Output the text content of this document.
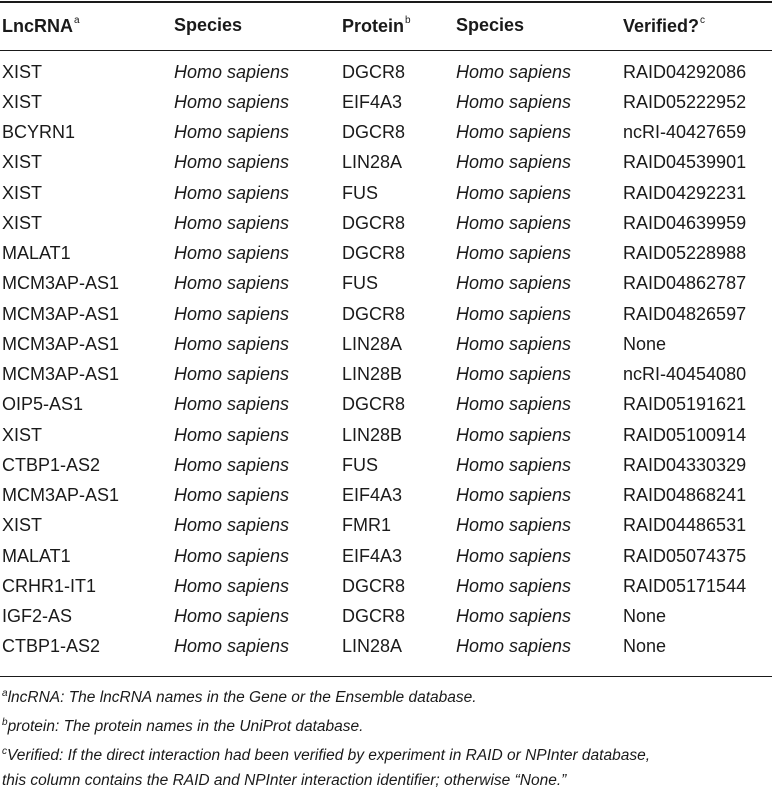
LncRNA$^a$	Species	Protein$^b$	Species	Verified?$^c$

XIST	Homo sapiens	DGCR8	Homo sapiens	RAID04292086
XIST	Homo sapiens	EIF4A3	Homo sapiens	RAID05222952
BCYRN1	Homo sapiens	DGCR8	Homo sapiens	ncRI-40427659
XIST	Homo sapiens	LIN28A	Homo sapiens	RAID04539901
XIST	Homo sapiens	FUS	Homo sapiens	RAID04292231
XIST	Homo sapiens	DGCR8	Homo sapiens	RAID04639959
MALAT1	Homo sapiens	DGCR8	Homo sapiens	RAID05228988
MCM3AP-AS1	Homo sapiens	FUS	Homo sapiens	RAID04862787
MCM3AP-AS1	Homo sapiens	DGCR8	Homo sapiens	RAID04826597
MCM3AP-AS1	Homo sapiens	LIN28A	Homo sapiens	None
MCM3AP-AS1	Homo sapiens	LIN28B	Homo sapiens	ncRI-40454080
OIP5-AS1	Homo sapiens	DGCR8	Homo sapiens	RAID05191621
XIST	Homo sapiens	LIN28B	Homo sapiens	RAID05100914
CTBP1-AS2	Homo sapiens	FUS	Homo sapiens	RAID04330329
MCM3AP-AS1	Homo sapiens	EIF4A3	Homo sapiens	RAID04868241
XIST	Homo sapiens	FMR1	Homo sapiens	RAID04486531
MALAT1	Homo sapiens	EIF4A3	Homo sapiens	RAID05074375
CRHR1-IT1	Homo sapiens	DGCR8	Homo sapiens	RAID05171544
IGF2-AS	Homo sapiens	DGCR8	Homo sapiens	None
CTBP1-AS2	Homo sapiens	LIN28A	Homo sapiens	None
$^a$lncRNA: The lncRNA names in the Gene or the Ensemble database.
$^b$protein: The protein names in the UniProt database.
$^c$Verified: If the direct interaction had been verified by experiment in RAID or NPInter database,
this column contains the RAID and NPInter interaction identifier; otherwise “None.”
